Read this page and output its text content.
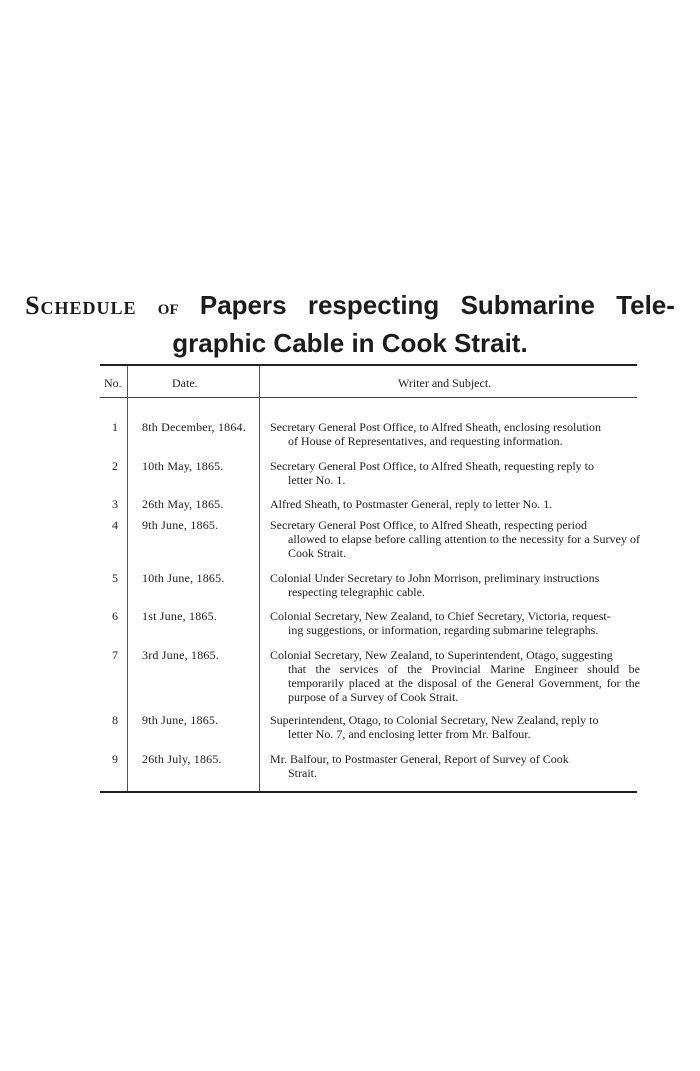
Schedule of Papers respecting Submarine Tele-
graphic Cable in Cook Strait.
No.	Date.	Writer and Subject.
1	8th December, 1864.	Secretary General Post Office, to Alfred Sheath, enclosing resolution
of House of Representatives, and requesting information.
2	10th May, 1865.	Secretary General Post Office, to Alfred Sheath, requesting reply to
letter No. 1.
3	26th May, 1865.	Alfred Sheath, to Postmaster General, reply to letter No. 1.
4	9th June, 1865.	Secretary General Post Office, to Alfred Sheath, respecting period
allowed to elapse before calling attention to the necessity for a Survey of Cook Strait.
5	10th June, 1865.	Colonial Under Secretary to John Morrison, preliminary instructions
respecting telegraphic cable.
6	1st June, 1865.	Colonial Secretary, New Zealand, to Chief Secretary, Victoria, request-
ing suggestions, or information, regarding submarine telegraphs.
7	3rd June, 1865.	Colonial Secretary, New Zealand, to Superintendent, Otago, suggesting
that the services of the Provincial Marine Engineer should be temporarily placed at the disposal of the General Government, for the purpose of a Survey of Cook Strait.
8	9th June, 1865.	Superintendent, Otago, to Colonial Secretary, New Zealand, reply to
letter No. 7, and enclosing letter from Mr. Balfour.
9	26th July, 1865.	Mr. Balfour, to Postmaster General, Report of Survey of Cook
Strait.
